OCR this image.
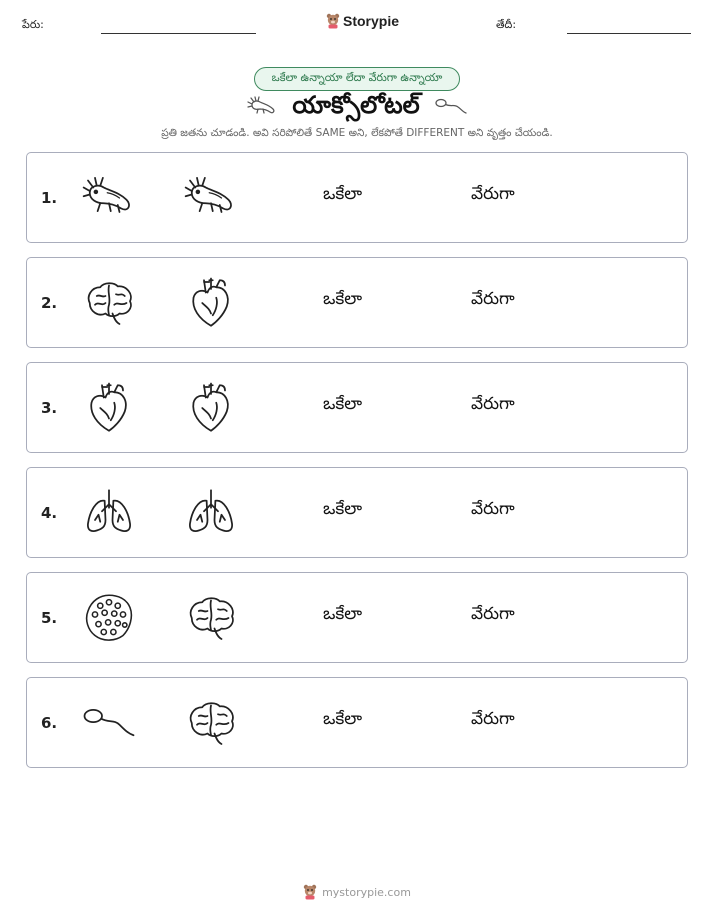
పేరు:	Storypie	తేదీ:
ఒకేలా ఉన్నాయా లేదా వేరుగా ఉన్నాయా
యాక్సోలోటల్
ప్రతి జతను చూడండి. అవి సరిపోలితే SAME అని, లేకపోతే DIFFERENT అని వృత్తం చేయండి.
1.	ఒకేలా	వేరుగా
2.	ఒకేలా	వేరుగా
3.	ఒకేలా	వేరుగా
4.	ఒకేలా	వేరుగా
5.	ఒకేలా	వేరుగా
6.	ఒకేలా	వేరుగా
mystorypie.com
